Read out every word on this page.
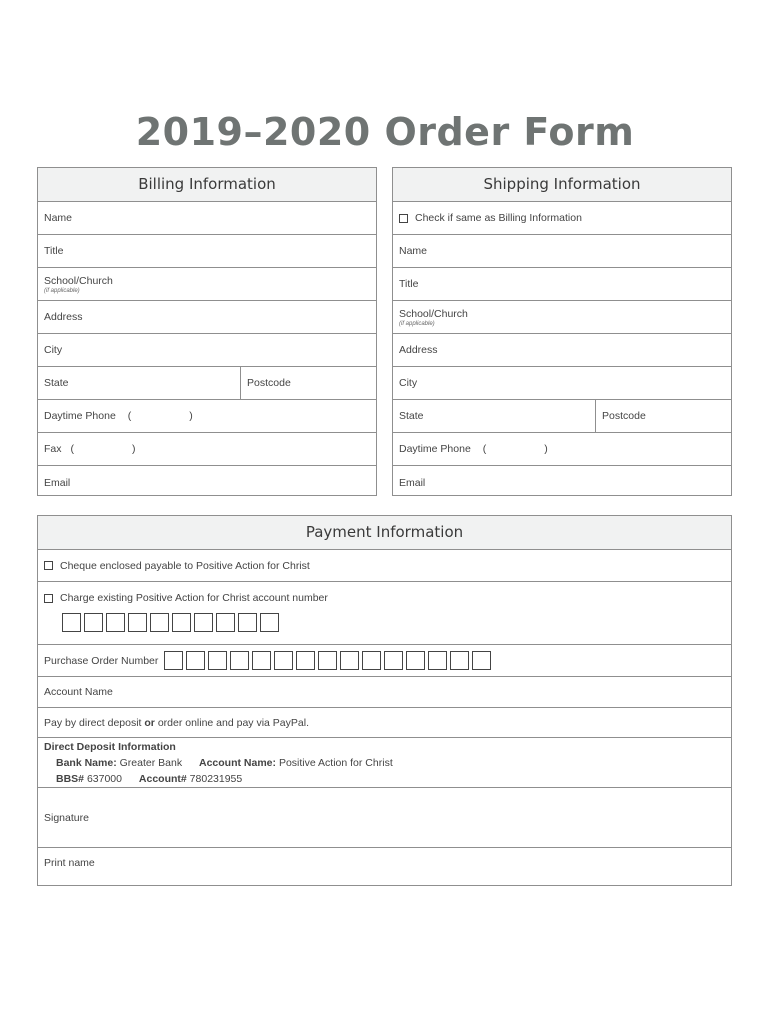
2019–2020 Order Form
Billing Information
Name
Title
School/Church
(if applicable)
Address
City
State	Postcode
Daytime Phone (	)
Fax (	)
Email
Shipping Information
Check if same as Billing Information
Name
Title
School/Church
(if applicable)
Address
City
State	Postcode
Daytime Phone (	)
Email
Payment Information
Cheque enclosed payable to Positive Action for Christ
Charge existing Positive Action for Christ account number
Purchase Order Number
Account Name
Pay by direct deposit
or
order online and pay via PayPal.
Direct Deposit Information
Bank Name: Greater Bank Account Name: Positive Action for Christ
BBS# 637000 Account# 780231955
Signature
Print name
